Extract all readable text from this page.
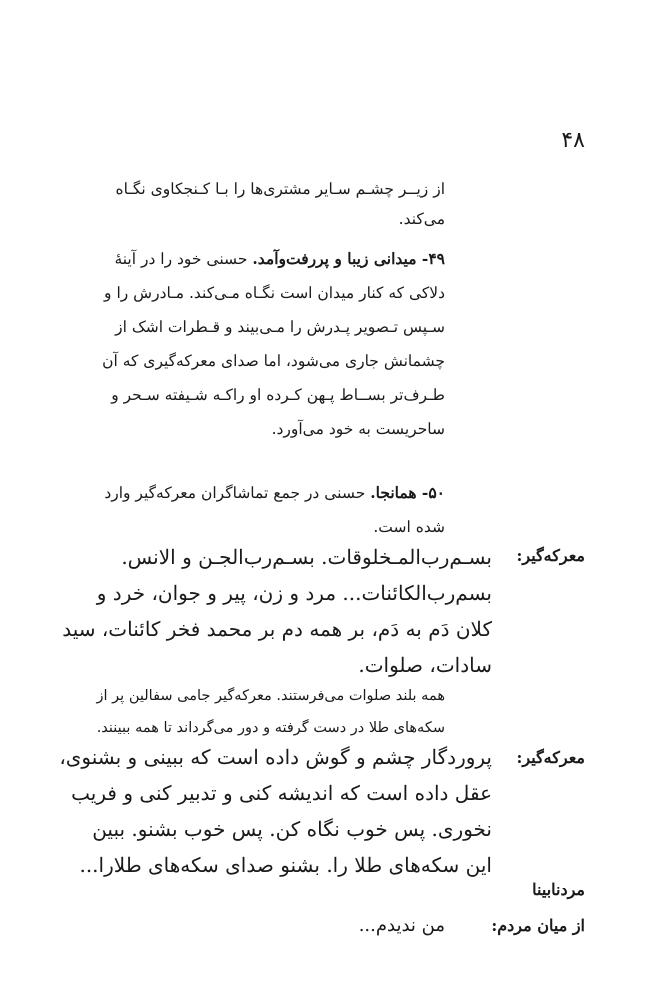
۴۸
از زیــر چشـم سـایر مشتری‌ها را بـا کـنجکاوی نگـاه
می‌کند.
۴۹- میدانی زیبا و پررفت‌وآمد. حسنی خود را در آینهٔ
دلاکی که کنار میدان است نگـاه مـی‌کند. مـادرش را و
سـپس تـصویر پـدرش را مـی‌بیند و قـطرات اشک از
چشمانش جاری می‌شود، اما صدای معرکه‌گیری که آن
طـرف‌تر بســاط پـهن کـرده او راکـه شـیفته سـحر و
ساحریست به خود می‌آورد.
۵۰- همانجا. حسنی در جمع تماشاگران معرکه‌گیر وارد
شده است.
معرکه‌گیر:
بسـم‌رب‌المـخلوقات. بسـم‌رب‌الجـن و الانس.
بسم‌رب‌الکائنات... مرد و زن، پیر و جوان، خرد و
کلان دَم به دَم، بر همه دم بر محمد فخر کائنات، سید
سادات، صلوات.
همه بلند صلوات می‌فرستند. معرکه‌گیر جامی سفالین پر از
سکه‌های طلا در دست گرفته و دور می‌گرداند تا همه ببینند.
معرکه‌گیر:
پروردگار چشم و گوش داده است که ببینی و بشنوی،
عقل داده است که اندیشه کنی و تدبیر کنی و فریب
نخوری. پس خوب نگاه کن. پس خوب بشنو. ببین
این سکه‌های طلا را. بشنو صدای سکه‌های طلارا...
مردنابینا
از میان مردم:
من ندیدم...
